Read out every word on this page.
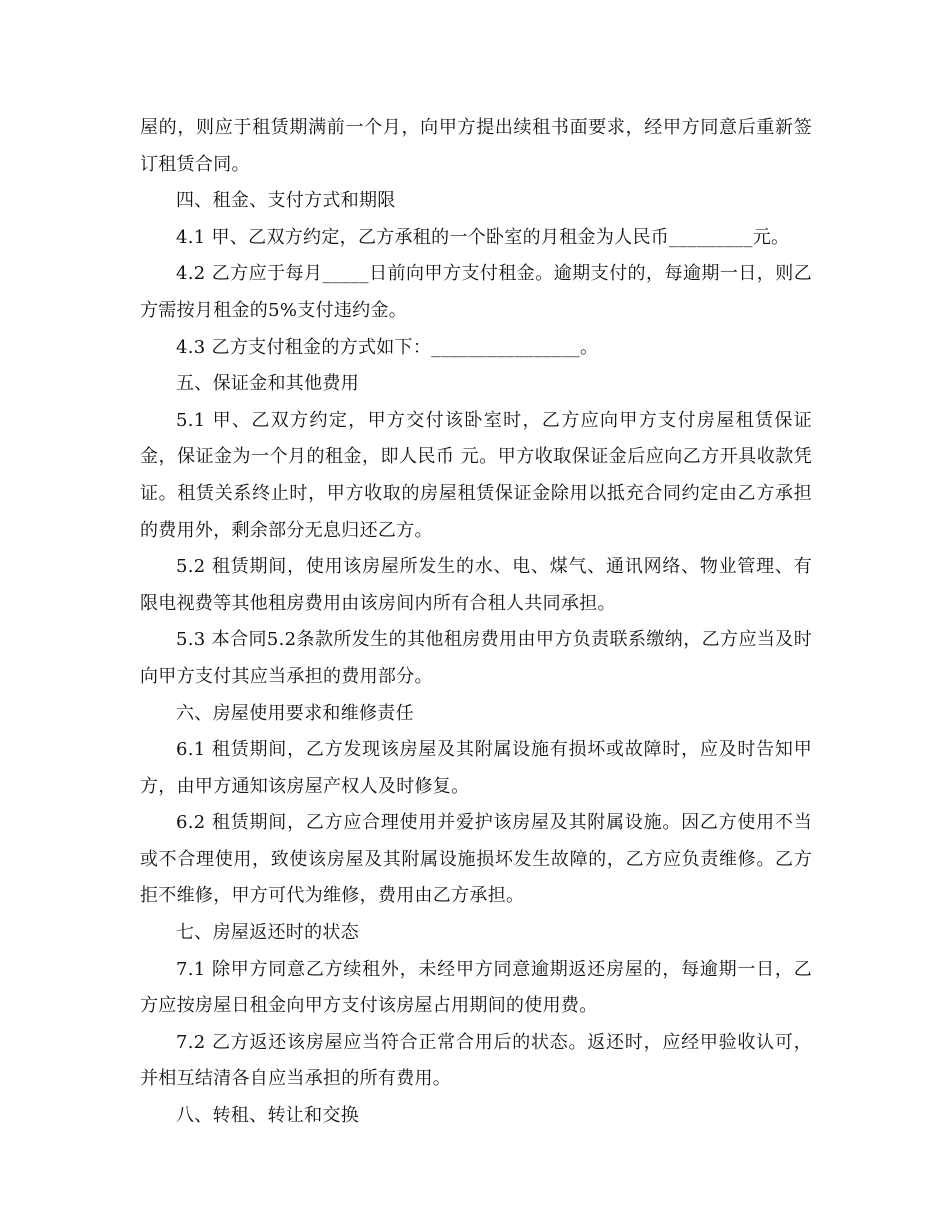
屋的，则应于租赁期满前一个月，向甲方提出续租书面要求，经甲方同意后重新签订租赁合同。

四、租金、支付方式和期限

4.1 甲、乙双方约定，乙方承租的一个卧室的月租金为人民币_________元。

4.2 乙方应于每月_____日前向甲方支付租金。逾期支付的，每逾期一日，则乙方需按月租金的5%支付违约金。

4.3 乙方支付租金的方式如下：________________。

五、保证金和其他费用

5.1 甲、乙双方约定，甲方交付该卧室时，乙方应向甲方支付房屋租赁保证金，保证金为一个月的租金，即人民币 元。甲方收取保证金后应向乙方开具收款凭证。租赁关系终止时，甲方收取的房屋租赁保证金除用以抵充合同约定由乙方承担的费用外，剩余部分无息归还乙方。

5.2 租赁期间，使用该房屋所发生的水、电、煤气、通讯网络、物业管理、有限电视费等其他租房费用由该房间内所有合租人共同承担。

5.3 本合同5.2条款所发生的其他租房费用由甲方负责联系缴纳，乙方应当及时向甲方支付其应当承担的费用部分。

六、房屋使用要求和维修责任

6.1 租赁期间，乙方发现该房屋及其附属设施有损坏或故障时，应及时告知甲方，由甲方通知该房屋产权人及时修复。

6.2 租赁期间，乙方应合理使用并爱护该房屋及其附属设施。因乙方使用不当或不合理使用，致使该房屋及其附属设施损坏发生故障的，乙方应负责维修。乙方拒不维修，甲方可代为维修，费用由乙方承担。

七、房屋返还时的状态

7.1 除甲方同意乙方续租外，未经甲方同意逾期返还房屋的，每逾期一日，乙方应按房屋日租金向甲方支付该房屋占用期间的使用费。

7.2 乙方返还该房屋应当符合正常合用后的状态。返还时，应经甲验收认可，并相互结清各自应当承担的所有费用。

八、转租、转让和交换
